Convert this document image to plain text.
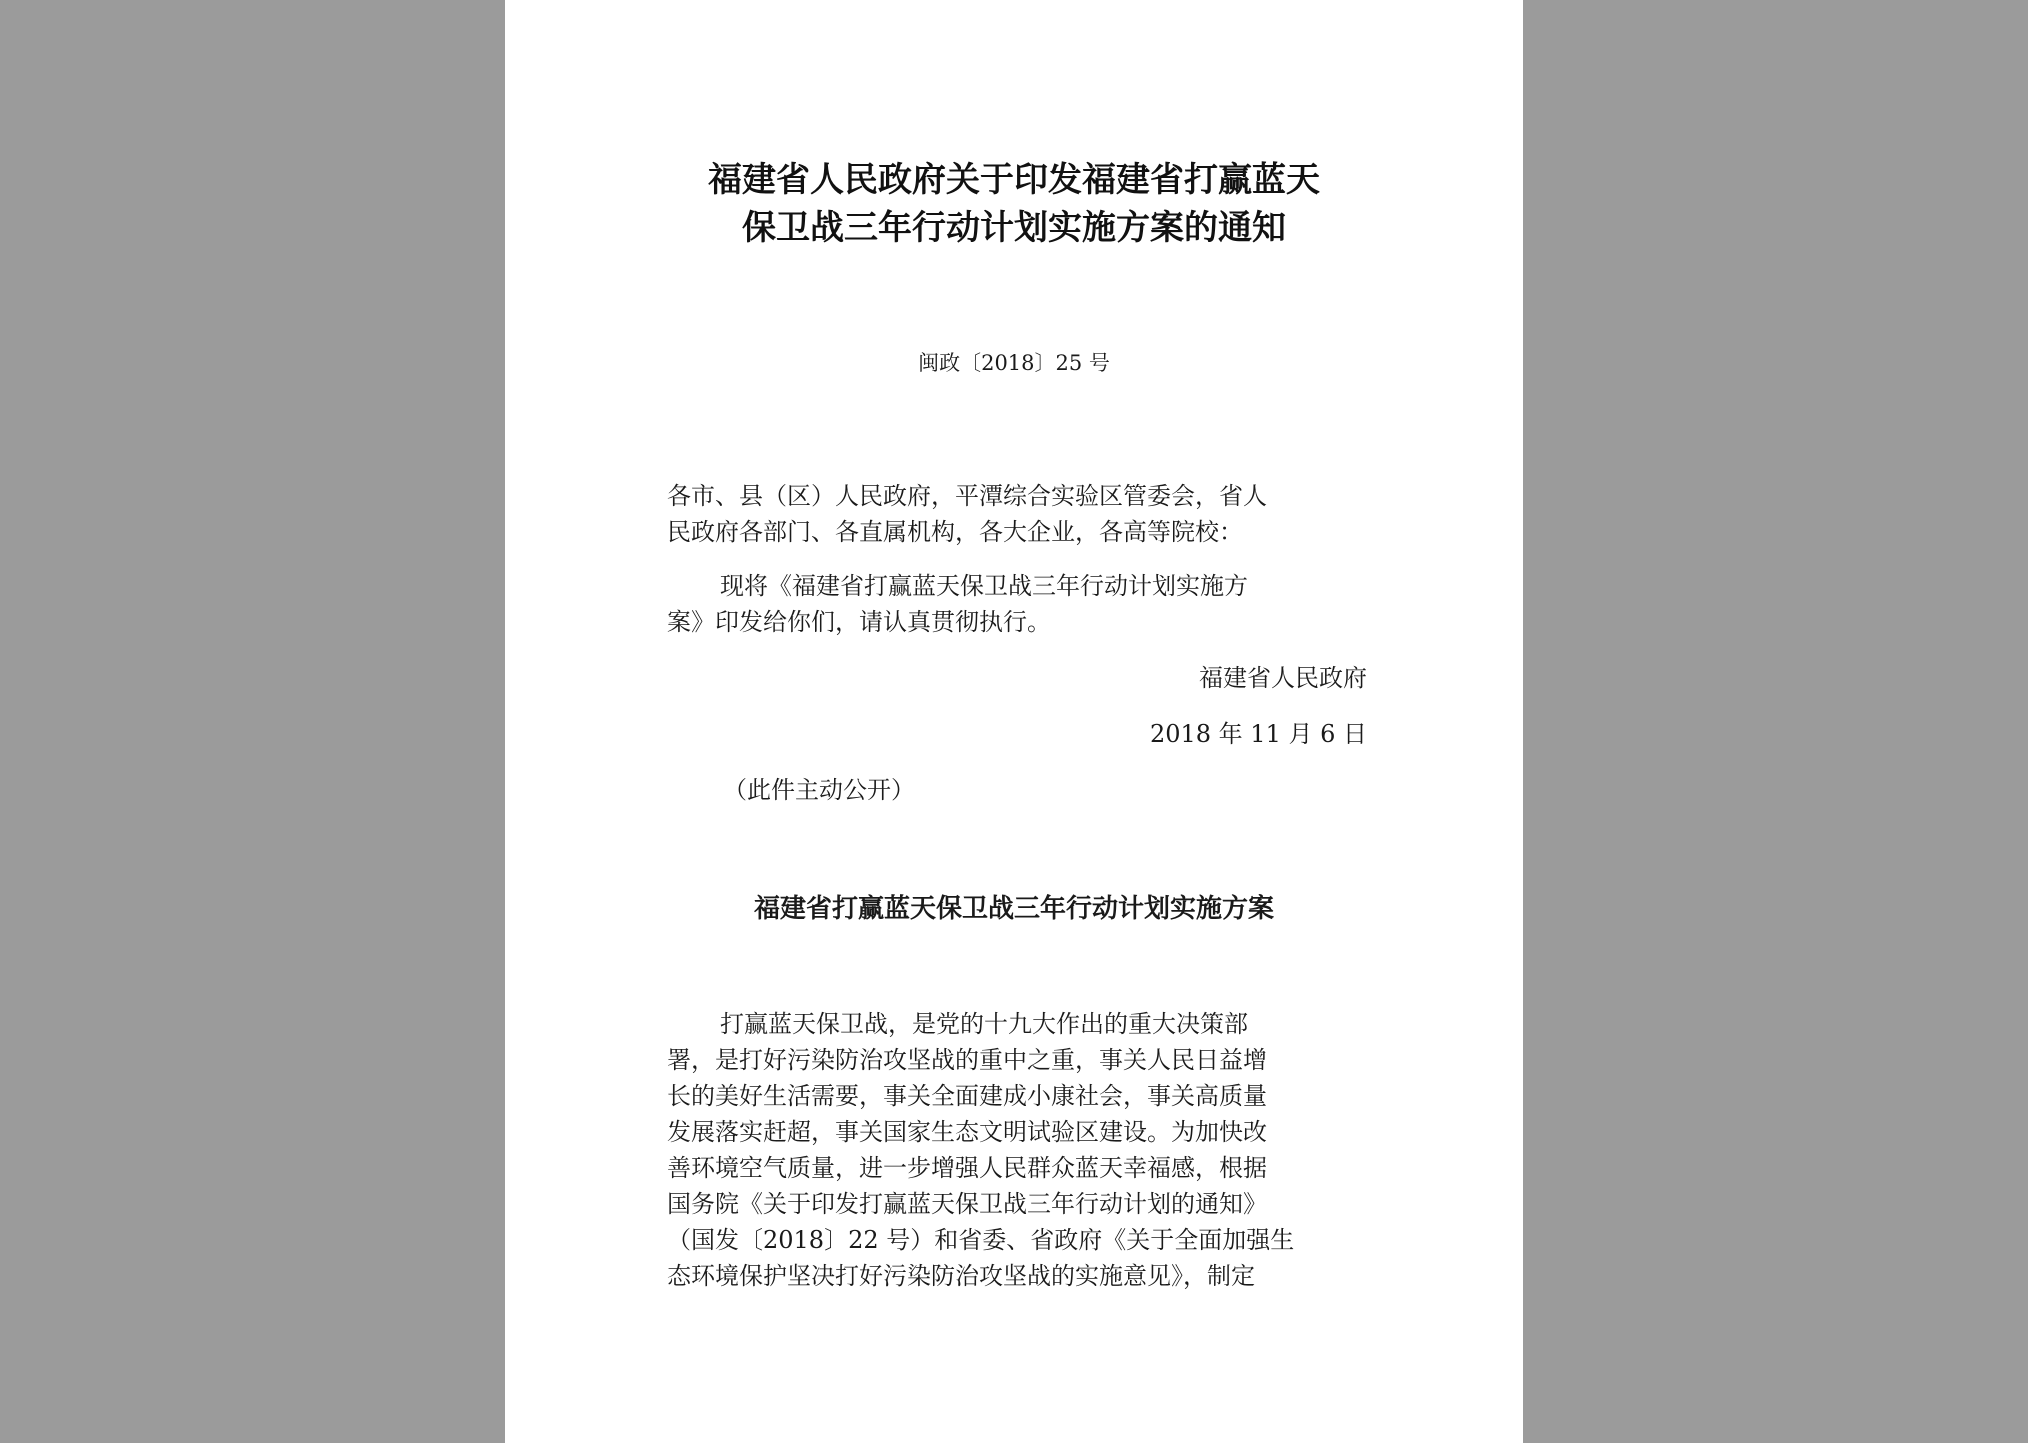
福建省人民政府关于印发福建省打赢蓝天
保卫战三年行动计划实施方案的通知
闽政〔2018〕25 号
各市、县（区）人民政府，平潭综合实验区管委会，省人
民政府各部门、各直属机构，各大企业，各高等院校：
现将《福建省打赢蓝天保卫战三年行动计划实施方
案》印发给你们，请认真贯彻执行。
福建省人民政府
2018 年 11 月 6 日
（此件主动公开）
福建省打赢蓝天保卫战三年行动计划实施方案
打赢蓝天保卫战，是党的十九大作出的重大决策部
署，是打好污染防治攻坚战的重中之重，事关人民日益增
长的美好生活需要，事关全面建成小康社会，事关高质量
发展落实赶超，事关国家生态文明试验区建设。为加快改
善环境空气质量，进一步增强人民群众蓝天幸福感，根据
国务院《关于印发打赢蓝天保卫战三年行动计划的通知》
（国发〔2018〕22 号）和省委、省政府《关于全面加强生
态环境保护坚决打好污染防治攻坚战的实施意见》，制定
